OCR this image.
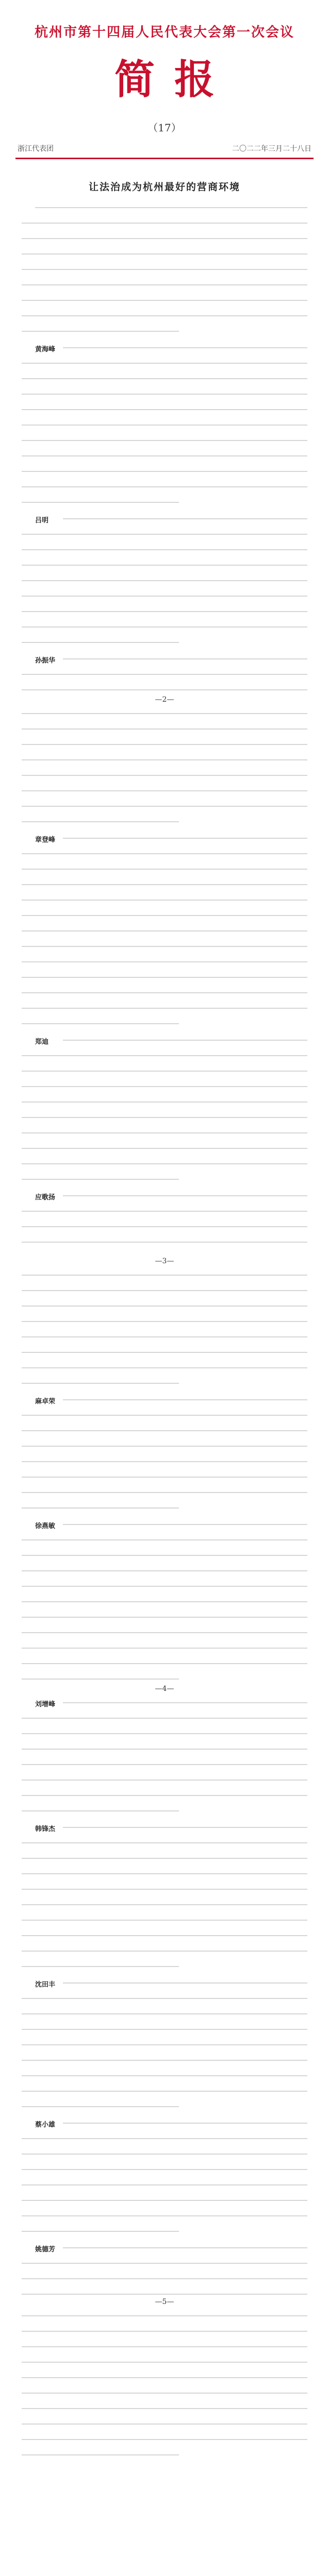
杭州市第十四届人民代表大会第一次会议
简报
（17）
浙江代表团	二〇二二年三月二十八日
让法治成为杭州最好的营商环境
黄海峰
吕明
孙振华
章登峰
郑迪
应歌扬
麻卓荣
徐燕敏
刘增峰
韩锋杰
沈田丰
蔡小雄
姚德芳
—2—
—3—
—4—
—5—
